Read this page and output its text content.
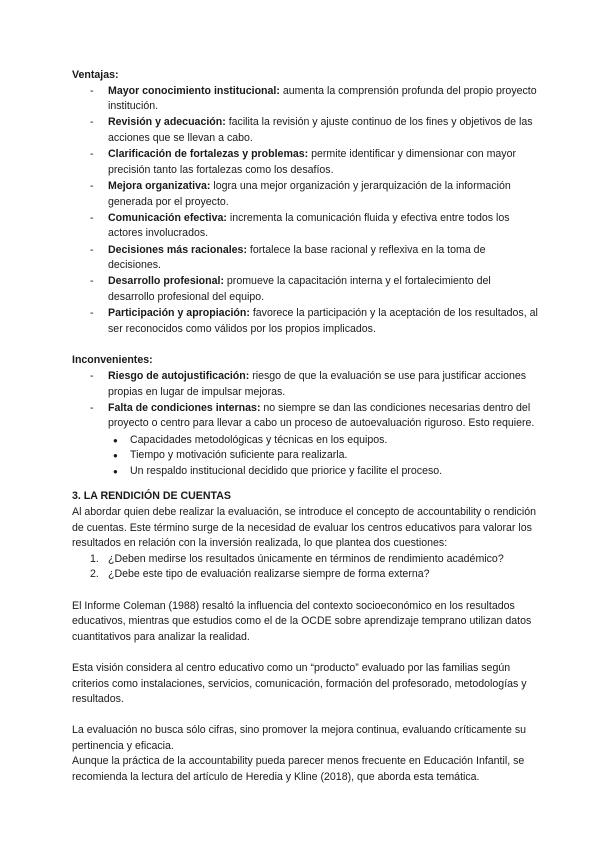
Ventajas:
- Mayor conocimiento institucional: aumenta la comprensión profunda del propio proyecto institución.
- Revisión y adecuación: facilita la revisión y ajuste continuo de los fines y objetivos de las acciones que se llevan a cabo.
- Clarificación de fortalezas y problemas: permite identificar y dimensionar con mayor precisión tanto las fortalezas como los desafíos.
- Mejora organizativa: logra una mejor organización y jerarquización de la información generada por el proyecto.
- Comunicación efectiva: incrementa la comunicación fluida y efectiva entre todos los actores involucrados.
- Decisiones más racionales: fortalece la base racional y reflexiva en la toma de decisiones.
- Desarrollo profesional: promueve la capacitación interna y el fortalecimiento del desarrollo profesional del equipo.
- Participación y apropiación: favorece la participación y la aceptación de los resultados, al ser reconocidos como válidos por los propios implicados.
Inconvenientes:
- Riesgo de autojustificación: riesgo de que la evaluación se use para justificar acciones propias en lugar de impulsar mejoras.
- Falta de condiciones internas: no siempre se dan las condiciones necesarias dentro del proyecto o centro para llevar a cabo un proceso de autoevaluación riguroso. Esto requiere.
● Capacidades metodológicas y técnicas en los equipos.
● Tiempo y motivación suficiente para realizarla.
● Un respaldo institucional decidido que priorice y facilite el proceso.
3. LA RENDICIÓN DE CUENTAS

Al abordar quien debe realizar la evaluación, se introduce el concepto de accountability o rendición de cuentas. Este término surge de la necesidad de evaluar los centros educativos para valorar los resultados en relación con la inversión realizada, lo que plantea dos cuestiones:

1. ¿Deben medirse los resultados únicamente en términos de rendimiento académico?
2. ¿Debe este tipo de evaluación realizarse siempre de forma externa?

El Informe Coleman (1988) resaltó la influencia del contexto socioeconómico en los resultados educativos, mientras que estudios como el de la OCDE sobre aprendizaje temprano utilizan datos cuantitativos para analizar la realidad.

Esta visión considera al centro educativo como un “producto” evaluado por las familias según criterios como instalaciones, servicios, comunicación, formación del profesorado, metodologías y resultados.

La evaluación no busca sólo cifras, sino promover la mejora continua, evaluando críticamente su pertinencia y eficacia.

Aunque la práctica de la accountability pueda parecer menos frecuente en Educación Infantil, se recomienda la lectura del artículo de Heredia y Kline (2018), que aborda esta temática.
